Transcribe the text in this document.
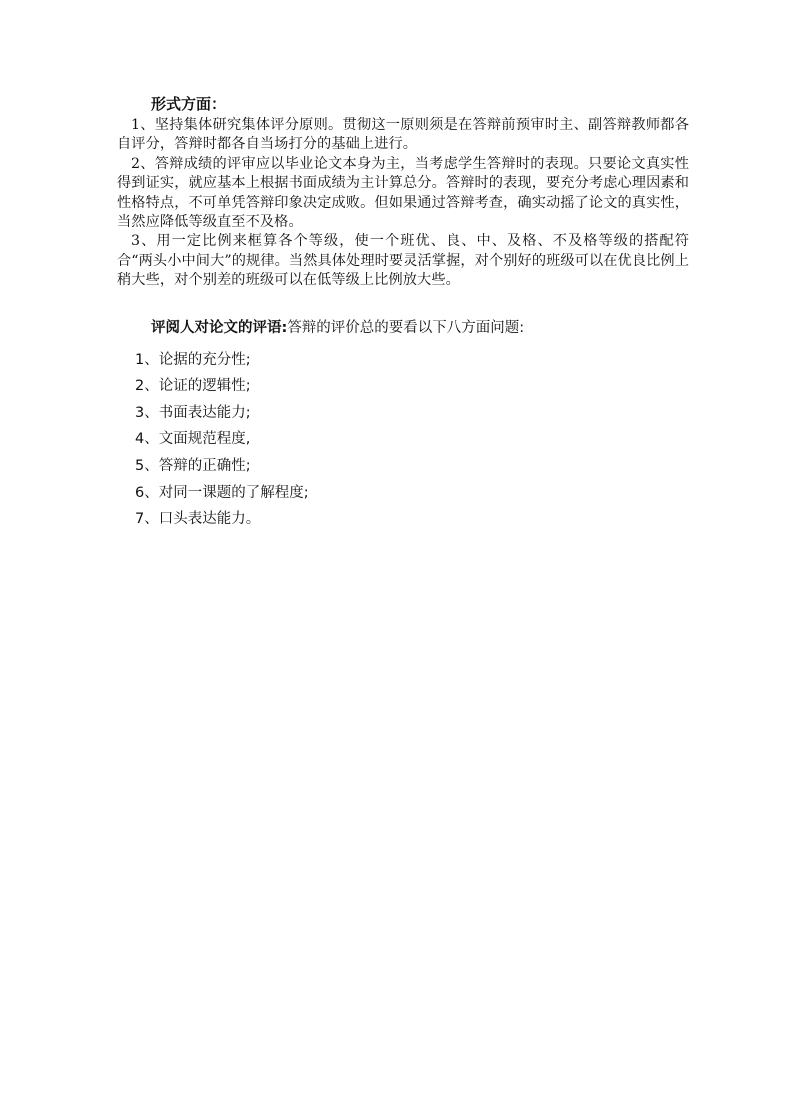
形式方面：

1、坚持集体研究集体评分原则。贯彻这一原则须是在答辩前预审时主、副答辩教师都各自评分，答辩时都各自当场打分的基础上进行。

2、答辩成绩的评审应以毕业论文本身为主，当考虑学生答辩时的表现。只要论文真实性得到证实，就应基本上根据书面成绩为主计算总分。答辩时的表现，要充分考虑心理因素和性格特点，不可单凭答辩印象决定成败。但如果通过答辩考查，确实动摇了论文的真实性，当然应降低等级直至不及格。

3、用一定比例来框算各个等级，使一个班优、良、中、及格、不及格等级的搭配符合“两头小中间大”的规律。当然具体处理时要灵活掌握，对个别好的班级可以在优良比例上稍大些，对个别差的班级可以在低等级上比例放大些。

评阅人对论文的评语:答辩的评价总的要看以下八方面问题:
1、论据的充分性;
2、论证的逻辑性;
3、书面表达能力;
4、文面规范程度,
5、答辩的正确性;
6、对同一课题的了解程度;
7、口头表达能力。
